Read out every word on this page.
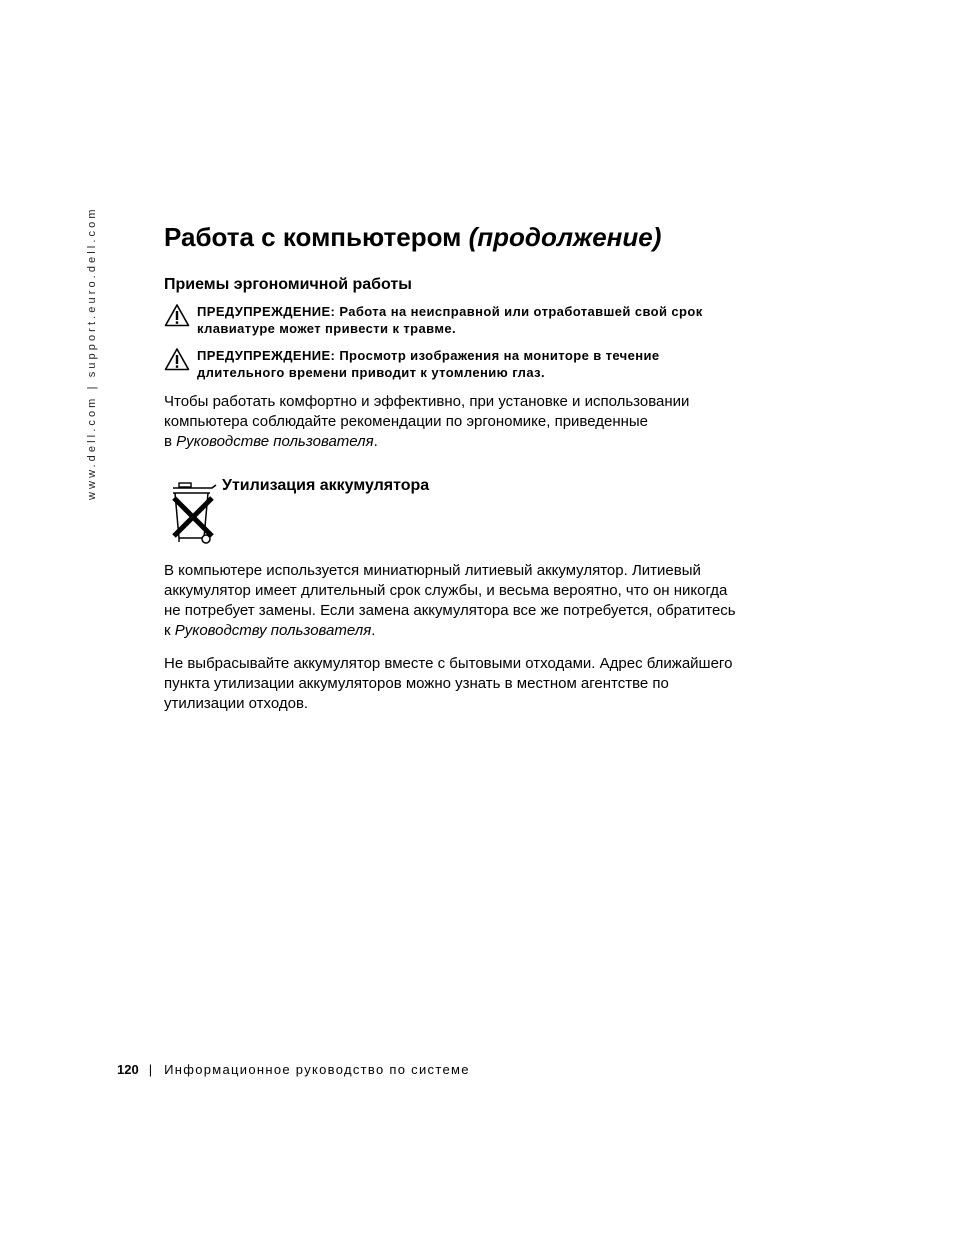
www.dell.com | support.euro.dell.com	Работа с компьютером (продолжение)
Приемы эргономичной работы
ПРЕДУПРЕЖДЕНИЕ: Работа на неисправной или отработавшей свой срок
клавиатуре может привести к травме.
ПРЕДУПРЕЖДЕНИЕ: Просмотр изображения на мониторе в течение
длительного времени приводит к утомлению глаз.
Чтобы работать комфортно и эффективно, при установке и использовании
компьютера соблюдайте рекомендации по эргономике, приведенные
в Руководстве пользователя.
Утилизация аккумулятора
В компьютере используется миниатюрный литиевый аккумулятор. Литиевый
аккумулятор имеет длительный срок службы, и весьма вероятно, что он никогда
не потребует замены. Если замена аккумулятора все же потребуется, обратитесь
к Руководству пользователя.
Не выбрасывайте аккумулятор вместе с бытовыми отходами. Адрес ближайшего
пункта утилизации аккумуляторов можно узнать в местном агентстве по
утилизации отходов.
120 | Информационное руководство по системе
